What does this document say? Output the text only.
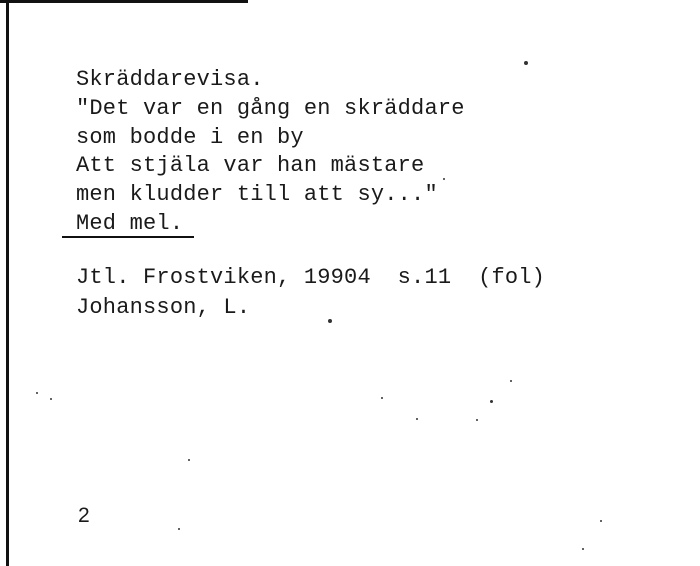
Skräddarevisa.
"Det var en gång en skräddare
som bodde i en by
Att stjäla var han mästare
men kludder till att sy..."
Med mel.
Jtl. Frostviken, 19904  s.11  (fol)
Johansson, L.
2
